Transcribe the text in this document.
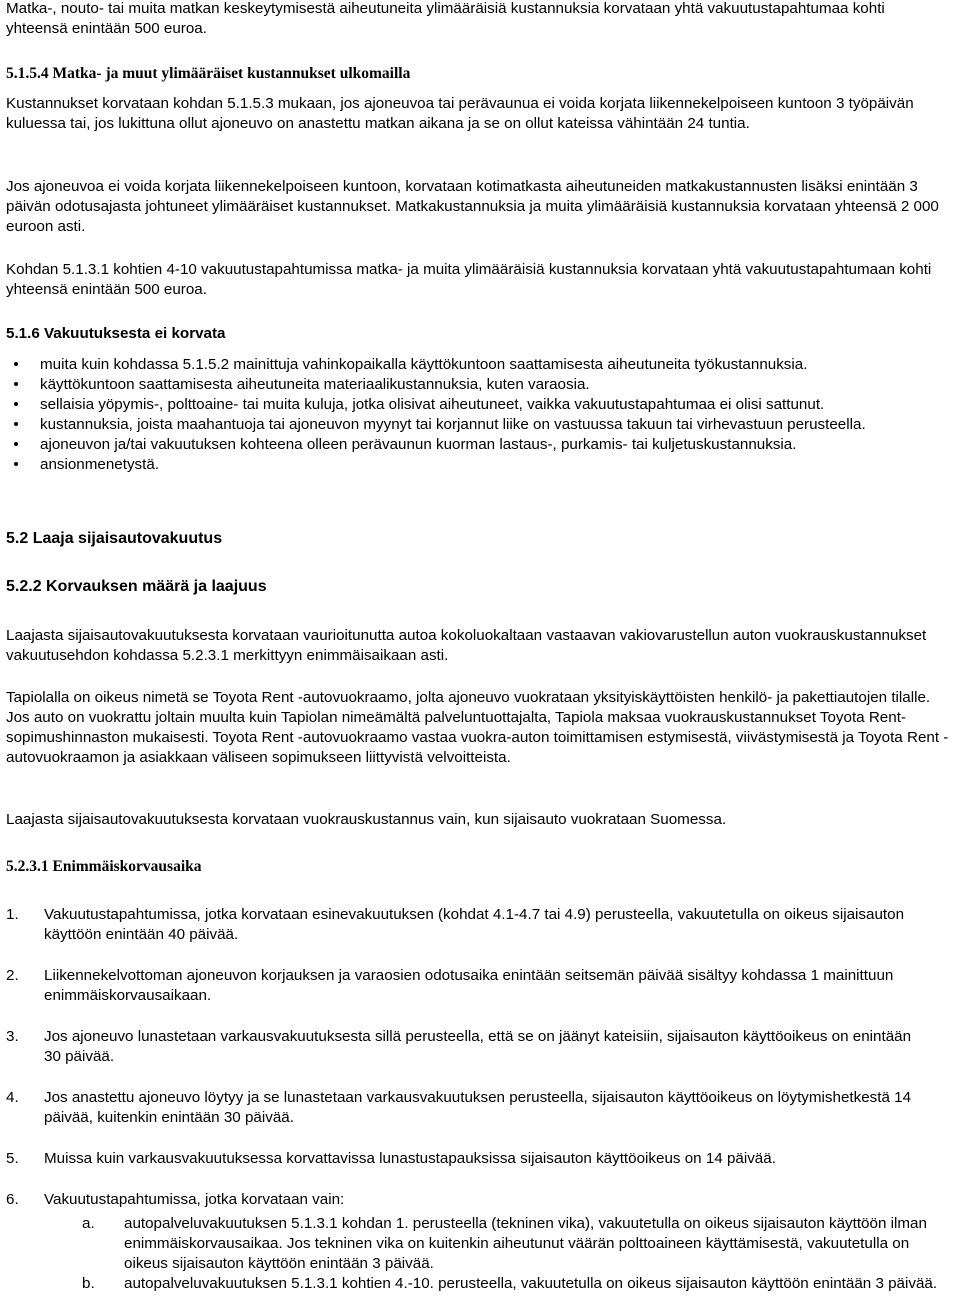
Matka-, nouto- tai muita matkan keskeytymisestä aiheutuneita ylimääräisiä kustannuksia korvataan yhtä vakuutustapahtumaa kohti yhteensä enintään 500 euroa.

5.1.5.4 Matka- ja muut ylimääräiset kustannukset ulkomailla

Kustannukset korvataan kohdan 5.1.5.3 mukaan, jos ajoneuvoa tai perävaunua ei voida korjata liikennekelpoiseen kuntoon 3 työpäivän kuluessa tai, jos lukittuna ollut ajoneuvo on anastettu matkan aikana ja se on ollut kateissa vähintään 24 tuntia.

Jos ajoneuvoa ei voida korjata liikennekelpoiseen kuntoon, korvataan kotimatkasta aiheutuneiden matkakustannusten lisäksi enintään 3 päivän odotusajasta johtuneet ylimääräiset kustannukset. Matkakustannuksia ja muita ylimääräisiä kustannuksia korvataan yhteensä 2 000 euroon asti.

Kohdan 5.1.3.1 kohtien 4-10 vakuutustapahtumissa matka- ja muita ylimääräisiä kustannuksia korvataan yhtä vakuutustapahtumaan kohti yhteensä enintään 500 euroa.

5.1.6 Vakuutuksesta ei korvata
•	muita kuin kohdassa 5.1.5.2 mainittuja vahinkopaikalla käyttökuntoon saattamisesta aiheutuneita työkustannuksia.
•	käyttökuntoon saattamisesta aiheutuneita materiaalikustannuksia, kuten varaosia.
•	sellaisia yöpymis-, polttoaine- tai muita kuluja, jotka olisivat aiheutuneet, vaikka vakuutustapahtumaa ei olisi sattunut.
•	kustannuksia, joista maahantuoja tai ajoneuvon myynyt tai korjannut liike on vastuussa takuun tai virhevastuun perusteella.
•	ajoneuvon ja/tai vakuutuksen kohteena olleen perävaunun kuorman lastaus-, purkamis- tai kuljetuskustannuksia.
•	ansionmenetystä.
5.2 Laaja sijaisautovakuutus
5.2.2 Korvauksen määrä ja laajuus

Laajasta sijaisautovakuutuksesta korvataan vaurioitunutta autoa kokoluokaltaan vastaavan vakiovarustellun auton vuokrauskustannukset vakuutusehdon kohdassa 5.2.3.1 merkittyyn enimmäisaikaan asti.

Tapiolalla on oikeus nimetä se Toyota Rent -autovuokraamo, jolta ajoneuvo vuokrataan yksityiskäyttöisten henkilö- ja pakettiautojen tilalle. Jos auto on vuokrattu joltain muulta kuin Tapiolan nimeämältä palveluntuottajalta, Tapiola maksaa vuokrauskustannukset Toyota Rent-sopimushinnaston mukaisesti. Toyota Rent -autovuokraamo vastaa vuokra-auton toimittamisen estymisestä, viivästymisestä ja Toyota Rent -autovuokraamon ja asiakkaan väliseen sopimukseen liittyvistä velvoitteista.

Laajasta sijaisautovakuutuksesta korvataan vuokrauskustannus vain, kun sijaisauto vuokrataan Suomessa.

5.2.3.1 Enimmäiskorvausaika
1. Vakuutustapahtumissa, jotka korvataan esinevakuutuksen (kohdat 4.1-4.7 tai 4.9) perusteella, vakuutetulla on oikeus sijaisauton käyttöön enintään 40 päivää.
2. Liikennekelvottoman ajoneuvon korjauksen ja varaosien odotusaika enintään seitsemän päivää sisältyy kohdassa 1 mainittuun enimmäiskorvausaikaan.
3. Jos ajoneuvo lunastetaan varkausvakuutuksesta sillä perusteella, että se on jäänyt kateisiin, sijaisauton käyttöoikeus on enintään 30 päivää.
4. Jos anastettu ajoneuvo löytyy ja se lunastetaan varkausvakuutuksen perusteella, sijaisauton käyttöoikeus on löytymishetkestä 14 päivää, kuitenkin enintään 30 päivää.
5. Muissa kuin varkausvakuutuksessa korvattavissa lunastustapauksissa sijaisauton käyttöoikeus on 14 päivää.
6. Vakuutustapahtumissa, jotka korvataan vain:
a. autopalveluvakuutuksen 5.1.3.1 kohdan 1. perusteella (tekninen vika), vakuutetulla on oikeus sijaisauton käyttöön ilman enimmäiskorvausaikaa. Jos tekninen vika on kuitenkin aiheutunut väärän polttoaineen käyttämisestä, vakuutetulla on oikeus sijaisauton käyttöön enintään 3 päivää.
b. autopalveluvakuutuksen 5.1.3.1 kohtien 4.-10. perusteella, vakuutetulla on oikeus sijaisauton käyttöön enintään 3 päivää.
